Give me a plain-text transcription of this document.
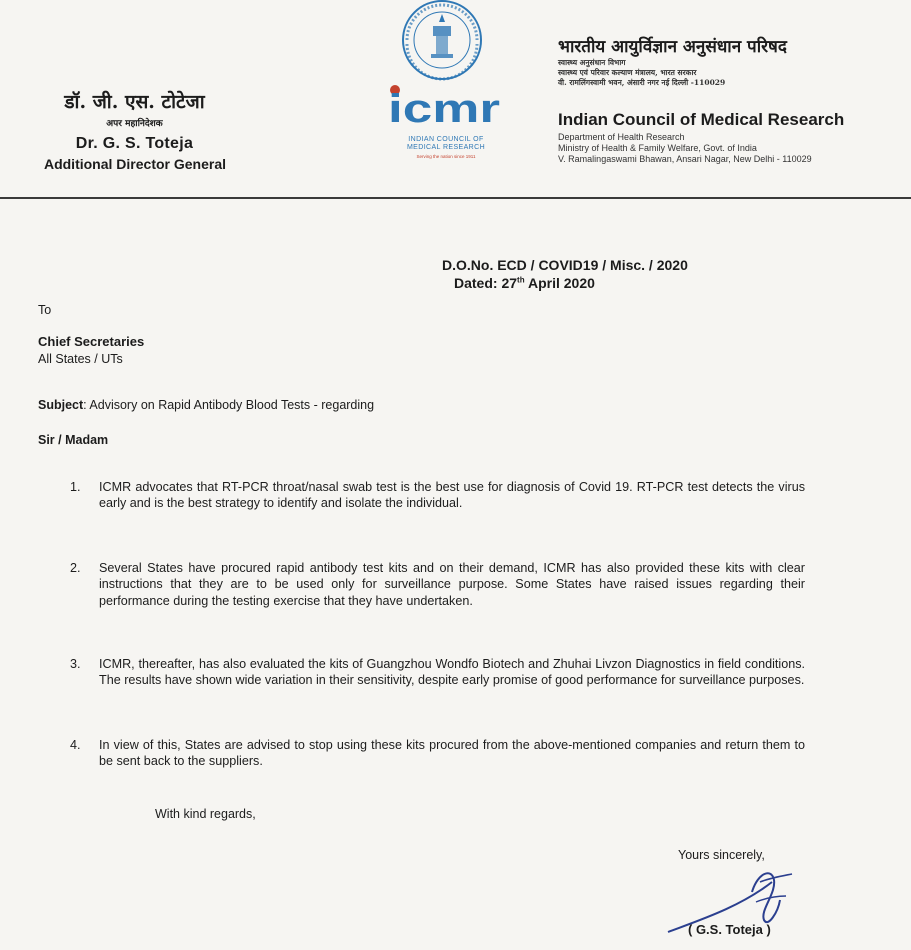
डॉ. जी. एस. टोटेजा
अपर महानिदेशक
Dr. G. S. Toteja
Additional Director General
icmr
INDIAN COUNCIL OF
MEDICAL RESEARCH
Serving the nation since 1911
भारतीय आयुर्विज्ञान अनुसंधान परिषद
स्वास्थ्य अनुसंधान विभाग
स्वास्थ्य एवं परिवार कल्याण मंत्रालय, भारत सरकार
वी. रामलिंगस्वामी भवन, अंसारी नगर नई दिल्ली -110029
Indian Council of Medical Research
Department of Health Research
Ministry of Health & Family Welfare, Govt. of India
V. Ramalingaswami Bhawan, Ansari Nagar, New Delhi - 110029
D.O.No. ECD / COVID19 / Misc. / 2020
Dated: 27th April 2020
To
Chief Secretaries
All States / UTs
Subject: Advisory on Rapid Antibody Blood Tests - regarding
Sir / Madam
1. ICMR advocates that RT-PCR throat/nasal swab test is the best use for diagnosis of Covid 19. RT-PCR test detects the virus early and is the best strategy to identify and isolate the individual.
2. Several States have procured rapid antibody test kits and on their demand, ICMR has also provided these kits with clear instructions that they are to be used only for surveillance purpose. Some States have raised issues regarding their performance during the testing exercise that they have undertaken.
3. ICMR, thereafter, has also evaluated the kits of Guangzhou Wondfo Biotech and Zhuhai Livzon Diagnostics in field conditions. The results have shown wide variation in their sensitivity, despite early promise of good performance for surveillance purposes.
4. In view of this, States are advised to stop using these kits procured from the above-mentioned companies and return them to be sent back to the suppliers.
With kind regards,
Yours sincerely,
( G.S. Toteja )
